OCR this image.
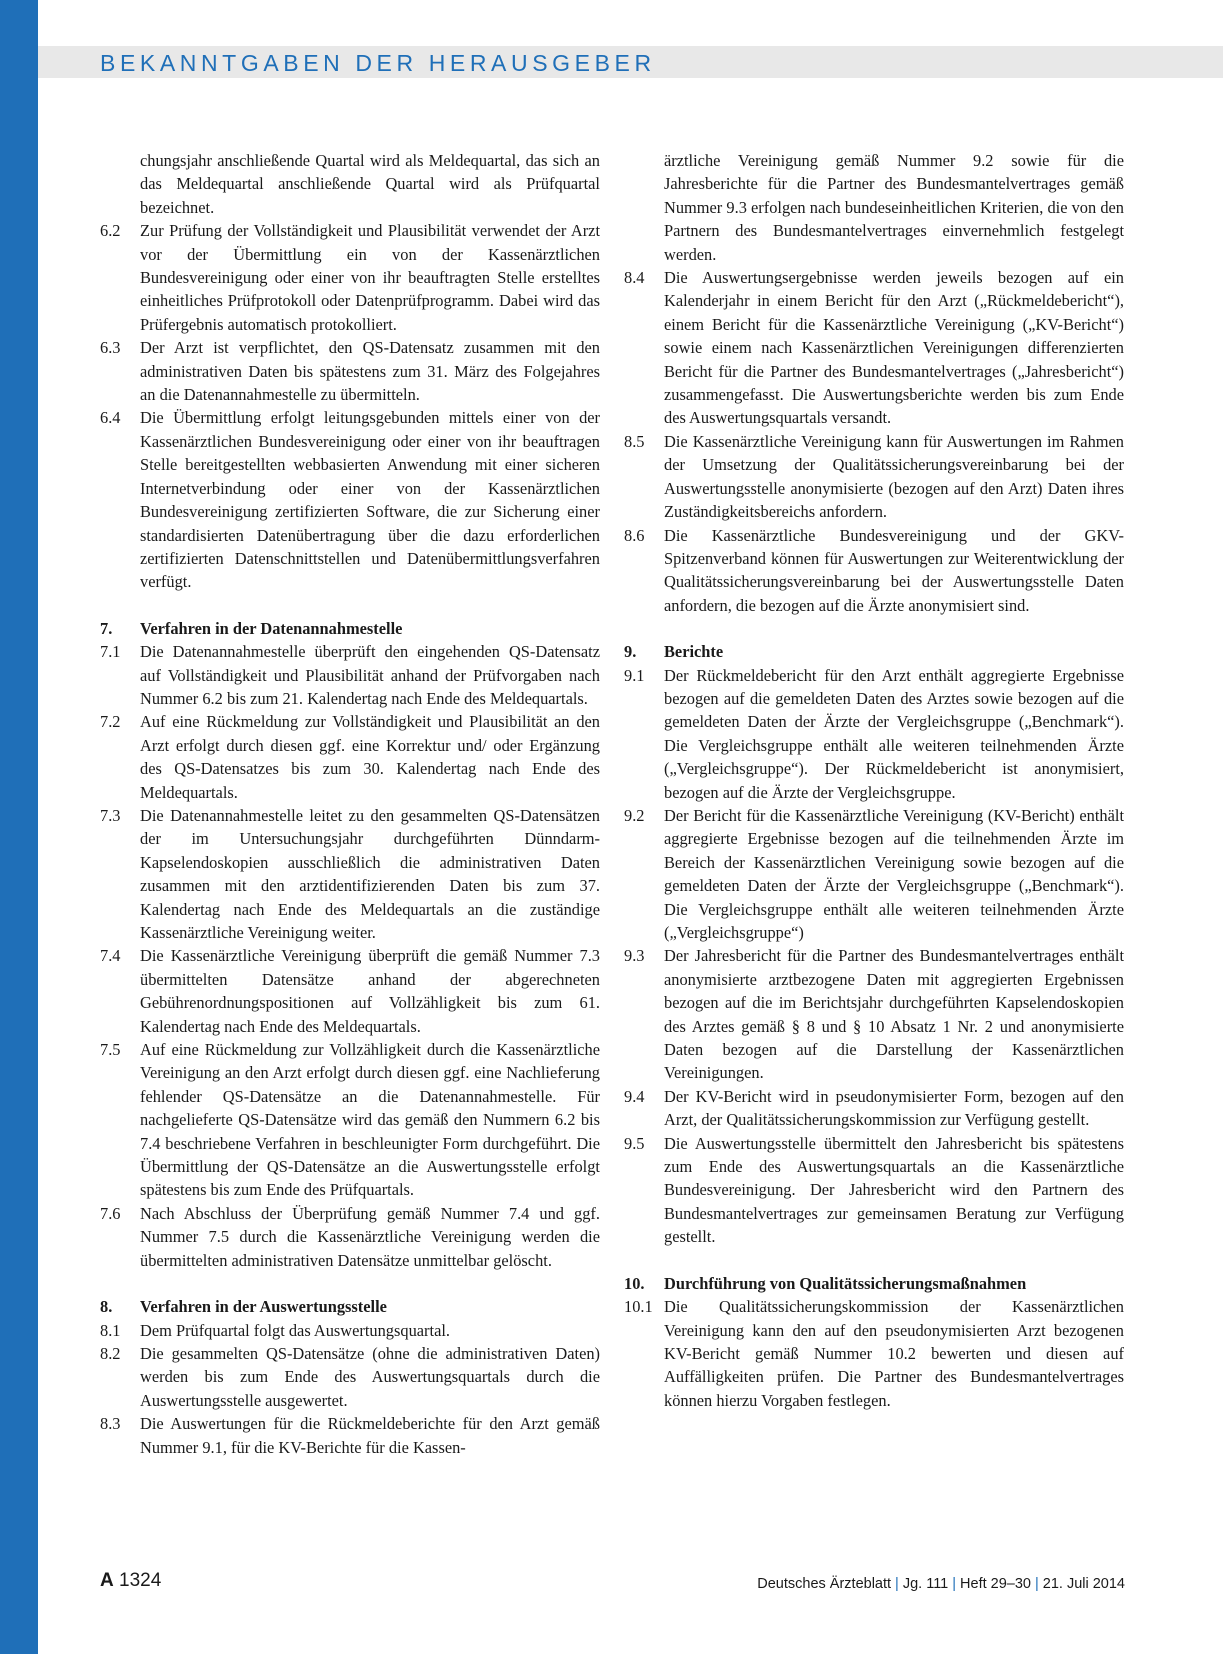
BEKANNTGABEN DER HERAUSGEBER
chungsjahr anschließende Quartal wird als Meldequartal, das sich an das Meldequartal anschließende Quartal wird als Prüfquartal bezeichnet.
6.2 Zur Prüfung der Vollständigkeit und Plausibilität verwendet der Arzt vor der Übermittlung ein von der Kassenärztlichen Bundesvereinigung oder einer von ihr beauftragten Stelle erstelltes einheitliches Prüfprotokoll oder Datenprüfprogramm. Dabei wird das Prüfergebnis automatisch protokolliert.
6.3 Der Arzt ist verpflichtet, den QS-Datensatz zusammen mit den administrativen Daten bis spätestens zum 31. März des Folgejahres an die Datenannahmestelle zu übermitteln.
6.4 Die Übermittlung erfolgt leitungsgebunden mittels einer von der Kassenärztlichen Bundesvereinigung oder einer von ihr beauftragen Stelle bereitgestellten webbasierten Anwendung mit einer sicheren Internetverbindung oder einer von der Kassenärztlichen Bundesvereinigung zertifizierten Software, die zur Sicherung einer standardisierten Datenübertragung über die dazu erforderlichen zertifizierten Datenschnittstellen und Datenübermittlungsverfahren verfügt.
7. Verfahren in der Datenannahmestelle
7.1 Die Datenannahmestelle überprüft den eingehenden QS-Datensatz auf Vollständigkeit und Plausibilität anhand der Prüfvorgaben nach Nummer 6.2 bis zum 21. Kalendertag nach Ende des Meldequartals.
7.2 Auf eine Rückmeldung zur Vollständigkeit und Plausibilität an den Arzt erfolgt durch diesen ggf. eine Korrektur und/ oder Ergänzung des QS-Datensatzes bis zum 30. Kalendertag nach Ende des Meldequartals.
7.3 Die Datenannahmestelle leitet zu den gesammelten QS-Datensätzen der im Untersuchungsjahr durchgeführten Dünndarm-Kapselendoskopien ausschließlich die administrativen Daten zusammen mit den arztidentifizierenden Daten bis zum 37. Kalendertag nach Ende des Meldequartals an die zuständige Kassenärztliche Vereinigung weiter.
7.4 Die Kassenärztliche Vereinigung überprüft die gemäß Nummer 7.3 übermittelten Datensätze anhand der abgerechneten Gebührenordnungspositionen auf Vollzähligkeit bis zum 61. Kalendertag nach Ende des Meldequartals.
7.5 Auf eine Rückmeldung zur Vollzähligkeit durch die Kassenärztliche Vereinigung an den Arzt erfolgt durch diesen ggf. eine Nachlieferung fehlender QS-Datensätze an die Datenannahmestelle. Für nachgelieferte QS-Datensätze wird das gemäß den Nummern 6.2 bis 7.4 beschriebene Verfahren in beschleunigter Form durchgeführt. Die Übermittlung der QS-Datensätze an die Auswertungsstelle erfolgt spätestens bis zum Ende des Prüfquartals.
7.6 Nach Abschluss der Überprüfung gemäß Nummer 7.4 und ggf. Nummer 7.5 durch die Kassenärztliche Vereinigung werden die übermittelten administrativen Datensätze unmittelbar gelöscht.
8. Verfahren in der Auswertungsstelle
8.1 Dem Prüfquartal folgt das Auswertungsquartal.
8.2 Die gesammelten QS-Datensätze (ohne die administrativen Daten) werden bis zum Ende des Auswertungsquartals durch die Auswertungsstelle ausgewertet.
8.3 Die Auswertungen für die Rückmeldeberichte für den Arzt gemäß Nummer 9.1, für die KV-Berichte für die Kassen-
ärztliche Vereinigung gemäß Nummer 9.2 sowie für die Jahresberichte für die Partner des Bundesmantelvertrages gemäß Nummer 9.3 erfolgen nach bundeseinheitlichen Kriterien, die von den Partnern des Bundesmantelvertrages einvernehmlich festgelegt werden.
8.4 Die Auswertungsergebnisse werden jeweils bezogen auf ein Kalenderjahr in einem Bericht für den Arzt („Rückmeldebericht“), einem Bericht für die Kassenärztliche Vereinigung („KV-Bericht“) sowie einem nach Kassenärztlichen Vereinigungen differenzierten Bericht für die Partner des Bundesmantelvertrages („Jahresbericht“) zusammengefasst. Die Auswertungsberichte werden bis zum Ende des Auswertungsquartals versandt.
8.5 Die Kassenärztliche Vereinigung kann für Auswertungen im Rahmen der Umsetzung der Qualitätssicherungsvereinbarung bei der Auswertungsstelle anonymisierte (bezogen auf den Arzt) Daten ihres Zuständigkeitsbereichs anfordern.
8.6 Die Kassenärztliche Bundesvereinigung und der GKV-Spitzenverband können für Auswertungen zur Weiterentwicklung der Qualitätssicherungsvereinbarung bei der Auswertungsstelle Daten anfordern, die bezogen auf die Ärzte anonymisiert sind.
9. Berichte
9.1 Der Rückmeldebericht für den Arzt enthält aggregierte Ergebnisse bezogen auf die gemeldeten Daten des Arztes sowie bezogen auf die gemeldeten Daten der Ärzte der Vergleichsgruppe („Benchmark“). Die Vergleichsgruppe enthält alle weiteren teilnehmenden Ärzte („Vergleichsgruppe“). Der Rückmeldebericht ist anonymisiert, bezogen auf die Ärzte der Vergleichsgruppe.
9.2 Der Bericht für die Kassenärztliche Vereinigung (KV-Bericht) enthält aggregierte Ergebnisse bezogen auf die teilnehmenden Ärzte im Bereich der Kassenärztlichen Vereinigung sowie bezogen auf die gemeldeten Daten der Ärzte der Vergleichsgruppe („Benchmark“). Die Vergleichsgruppe enthält alle weiteren teilnehmenden Ärzte („Vergleichsgruppe“)
9.3 Der Jahresbericht für die Partner des Bundesmantelvertrages enthält anonymisierte arztbezogene Daten mit aggregierten Ergebnissen bezogen auf die im Berichtsjahr durchgeführten Kapselendoskopien des Arztes gemäß § 8 und § 10 Absatz 1 Nr. 2 und anonymisierte Daten bezogen auf die Darstellung der Kassenärztlichen Vereinigungen.
9.4 Der KV-Bericht wird in pseudonymisierter Form, bezogen auf den Arzt, der Qualitätssicherungskommission zur Verfügung gestellt.
9.5 Die Auswertungsstelle übermittelt den Jahresbericht bis spätestens zum Ende des Auswertungsquartals an die Kassenärztliche Bundesvereinigung. Der Jahresbericht wird den Partnern des Bundesmantelvertrages zur gemeinsamen Beratung zur Verfügung gestellt.
10. Durchführung von Qualitätssicherungsmaßnahmen
10.1 Die Qualitätssicherungskommission der Kassenärztlichen Vereinigung kann den auf den pseudonymisierten Arzt bezogenen KV-Bericht gemäß Nummer 10.2 bewerten und diesen auf Auffälligkeiten prüfen. Die Partner des Bundesmantelvertrages können hierzu Vorgaben festlegen.
A 1324	Deutsches Ärzteblatt | Jg. 111 | Heft 29–30 | 21. Juli 2014
